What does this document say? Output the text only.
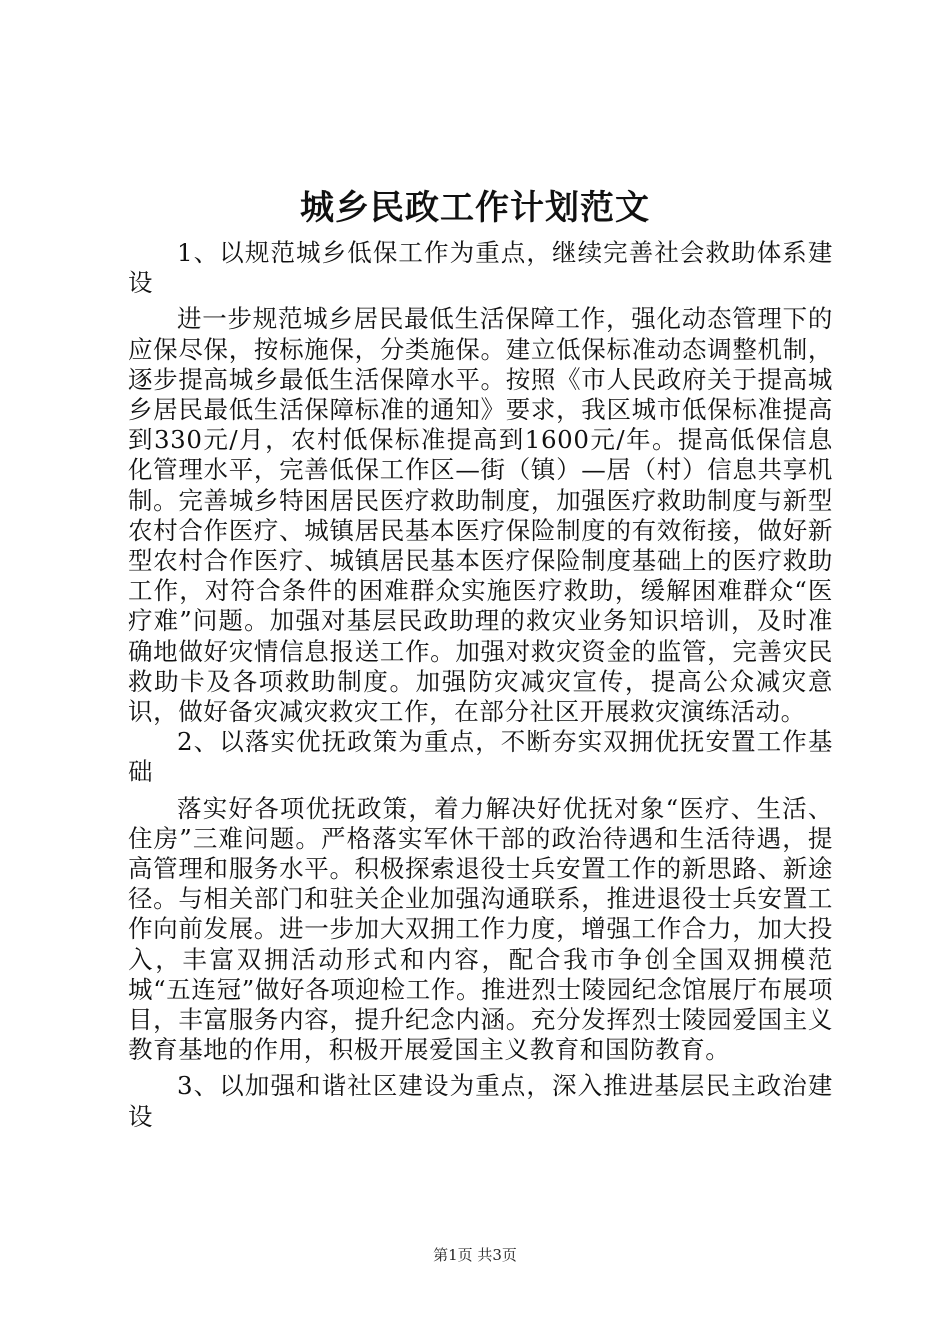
城乡民政工作计划范文

1、以规范城乡低保工作为重点，继续完善社会救助体系建设

进一步规范城乡居民最低生活保障工作，强化动态管理下的应保尽保，按标施保，分类施保。建立低保标准动态调整机制，逐步提高城乡最低生活保障水平。按照《市人民政府关于提高城乡居民最低生活保障标准的通知》要求，我区城市低保标准提高到330元/月，农村低保标准提高到1600元/年。提高低保信息化管理水平，完善低保工作区—街（镇）—居（村）信息共享机制。完善城乡特困居民医疗救助制度，加强医疗救助制度与新型农村合作医疗、城镇居民基本医疗保险制度的有效衔接，做好新型农村合作医疗、城镇居民基本医疗保险制度基础上的医疗救助工作，对符合条件的困难群众实施医疗救助，缓解困难群众“医疗难”问题。加强对基层民政助理的救灾业务知识培训，及时准确地做好灾情信息报送工作。加强对救灾资金的监管，完善灾民救助卡及各项救助制度。加强防灾减灾宣传，提高公众减灾意识，做好备灾减灾救灾工作，在部分社区开展救灾演练活动。

2、以落实优抚政策为重点，不断夯实双拥优抚安置工作基础

落实好各项优抚政策，着力解决好优抚对象“医疗、生活、住房”三难问题。严格落实军休干部的政治待遇和生活待遇，提高管理和服务水平。积极探索退役士兵安置工作的新思路、新途径。与相关部门和驻关企业加强沟通联系，推进退役士兵安置工作向前发展。进一步加大双拥工作力度，增强工作合力，加大投入，丰富双拥活动形式和内容，配合我市争创全国双拥模范城“五连冠”做好各项迎检工作。推进烈士陵园纪念馆展厅布展项目，丰富服务内容，提升纪念内涵。充分发挥烈士陵园爱国主义教育基地的作用，积极开展爱国主义教育和国防教育。

3、以加强和谐社区建设为重点，深入推进基层民主政治建设

第1页 共3页
